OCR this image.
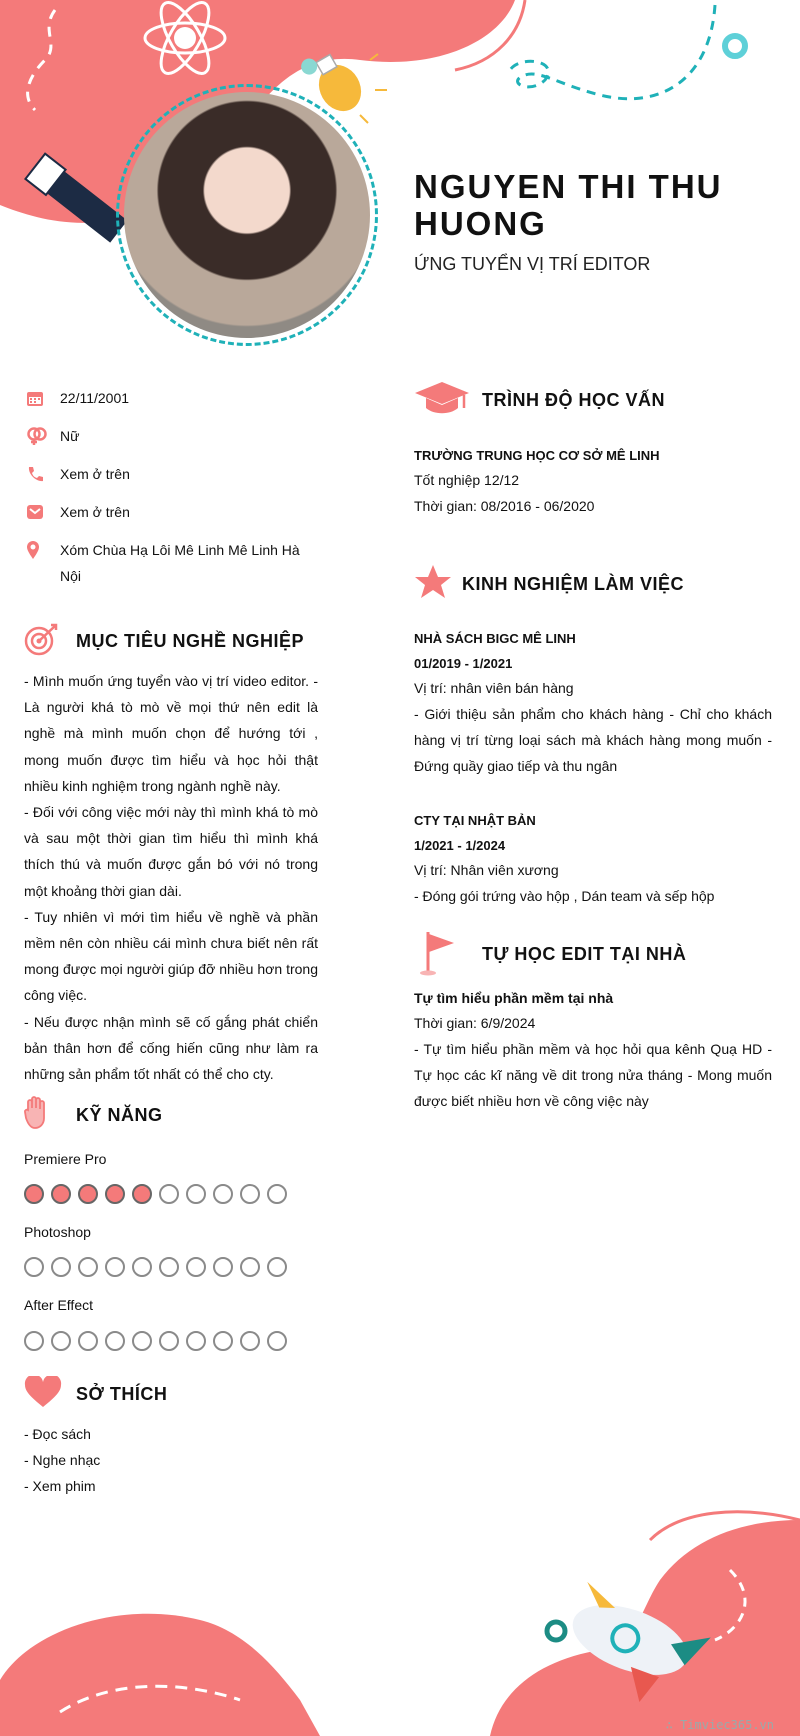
NGUYEN THI THU HUONG
ỨNG TUYỂN VỊ TRÍ EDITOR
22/11/2001
Nữ
Xem ở trên
Xem ở trên
Xóm Chùa Hạ Lôi Mê Linh Mê Linh Hà Nội
MỤC TIÊU NGHỀ NGHIỆP
- Mình muốn ứng tuyển vào vị trí video editor. - Là người khá tò mò về mọi thứ nên edit là nghề mà mình muốn chọn để hướng tới , mong muốn được tìm hiểu và học hỏi thật nhiều kinh nghiệm trong ngành nghề này.
- Đối với công việc mới này thì mình khá tò mò và sau một thời gian tìm hiểu thì mình khá thích thú và muốn được gắn bó với nó trong một khoảng thời gian dài.
- Tuy nhiên vì mới tìm hiểu về nghề và phần mềm nên còn nhiều cái mình chưa biết nên rất mong được mọi người giúp đỡ nhiều hơn trong công việc.
- Nếu được nhận mình sẽ cố gắng phát chiển bản thân hơn để cống hiến cũng như làm ra những sản phẩm tốt nhất có thể cho cty.
KỸ NĂNG
Premiere Pro
Photoshop
After Effect
SỞ THÍCH
- Đọc sách
- Nghe nhạc
- Xem phim
TRÌNH ĐỘ HỌC VẤN
TRƯỜNG TRUNG HỌC CƠ SỞ MÊ LINH
Tốt nghiệp 12/12
Thời gian: 08/2016 - 06/2020
KINH NGHIỆM LÀM VIỆC
NHÀ SÁCH BIGC MÊ LINH
01/2019 - 1/2021
Vị trí: nhân viên bán hàng
- Giới thiệu sản phẩm cho khách hàng - Chỉ cho khách hàng vị trí từng loại sách mà khách hàng mong muốn - Đứng quầy giao tiếp và thu ngân
CTY TẠI NHẬT BẢN
1/2021 - 1/2024
Vị trí: Nhân viên xương
- Đóng gói trứng vào hộp , Dán team và sếp hộp
TỰ HỌC EDIT TẠI NHÀ
Tự tìm hiểu phần mềm tại nhà
Thời gian: 6/9/2024
- Tự tìm hiểu phần mềm và học hỏi qua kênh Quạ HD - Tự học các kĩ năng về dit trong nửa tháng - Mong muốn được biết nhiều hơn về công việc này
∴ Timviec365.vn
